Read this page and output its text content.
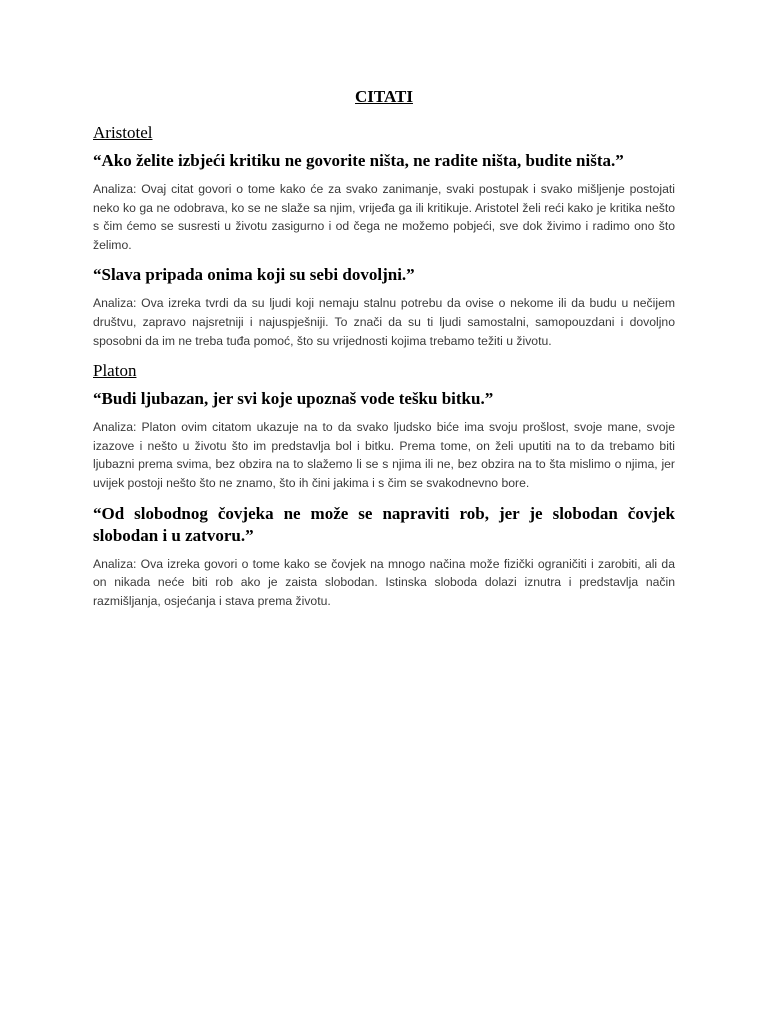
CITATI
Aristotel
“Ako želite izbjeći kritiku ne govorite ništa, ne radite ništa, budite ništa.”
Analiza: Ovaj citat govori o tome kako će za svako zanimanje, svaki postupak i svako mišljenje postojati neko ko ga ne odobrava, ko se ne slaže sa njim, vrijeđa ga ili kritikuje. Aristotel želi reći kako je kritika nešto s čim ćemo se susresti u životu zasigurno i od čega ne možemo pobjeći, sve dok živimo i radimo ono što želimo.
“Slava pripada onima koji su sebi dovoljni.”
Analiza: Ova izreka tvrdi da su ljudi koji nemaju stalnu potrebu da ovise o nekome ili da budu u nečijem društvu, zapravo najsretniji i najuspješniji. To znači da su ti ljudi samostalni, samopouzdani i dovoljno sposobni da im ne treba tuđa pomoć, što su vrijednosti kojima trebamo težiti u životu.
Platon
“Budi ljubazan, jer svi koje upoznaš vode tešku bitku.”
Analiza: Platon ovim citatom ukazuje na to da svako ljudsko biće ima svoju prošlost, svoje mane, svoje izazove i nešto u životu što im predstavlja bol i bitku. Prema tome, on želi uputiti na to da trebamo biti ljubazni prema svima, bez obzira na to slažemo li se s njima ili ne, bez obzira na to šta mislimo o njima, jer uvijek postoji nešto što ne znamo, što ih čini jakima i s čim se svakodnevno bore.
“Od slobodnog čovjeka ne može se napraviti rob, jer je slobodan čovjek slobodan i u zatvoru.”
Analiza: Ova izreka govori o tome kako se čovjek na mnogo načina može fizički ograničiti i zarobiti, ali da on nikada neće biti rob ako je zaista slobodan. Istinska sloboda dolazi iznutra i predstavlja način razmišljanja, osjećanja i stava prema životu.
